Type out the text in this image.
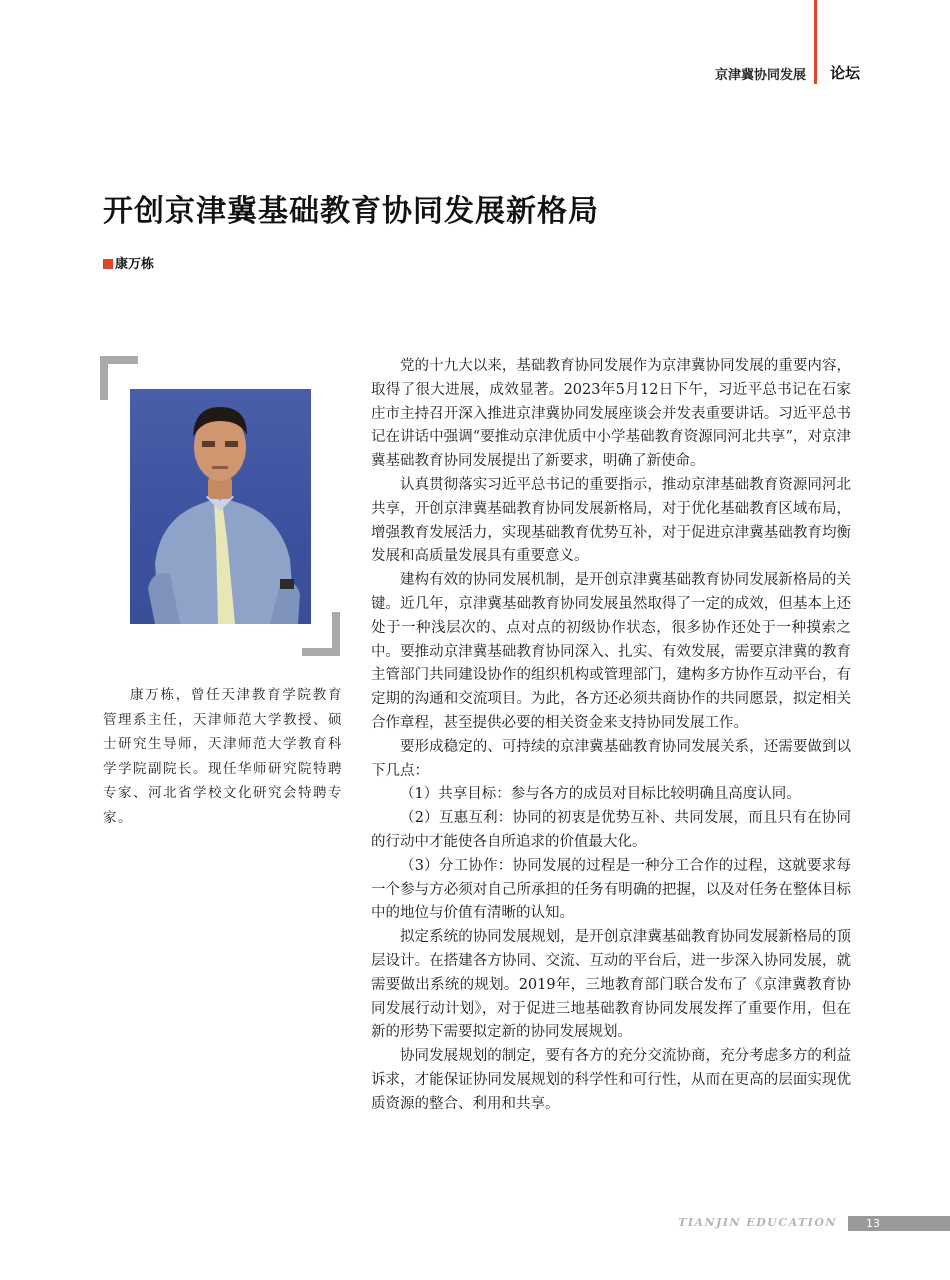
京津冀协同发展 论坛
开创京津冀基础教育协同发展新格局
康万栋

康万栋，曾任天津教育学院教育管理系主任，天津师范大学教授、硕士研究生导师，天津师范大学教育科学学院副院长。现任华师研究院特聘专家、河北省学校文化研究会特聘专家。

党的十九大以来，基础教育协同发展作为京津冀协同发展的重要内容，取得了很大进展，成效显著。2023年5月12日下午，习近平总书记在石家庄市主持召开深入推进京津冀协同发展座谈会并发表重要讲话。习近平总书记在讲话中强调“要推动京津优质中小学基础教育资源同河北共享”，对京津冀基础教育协同发展提出了新要求，明确了新使命。

认真贯彻落实习近平总书记的重要指示，推动京津基础教育资源同河北共享，开创京津冀基础教育协同发展新格局，对于优化基础教育区域布局，增强教育发展活力，实现基础教育优势互补，对于促进京津冀基础教育均衡发展和高质量发展具有重要意义。

建构有效的协同发展机制，是开创京津冀基础教育协同发展新格局的关键。近几年，京津冀基础教育协同发展虽然取得了一定的成效，但基本上还处于一种浅层次的、点对点的初级协作状态，很多协作还处于一种摸索之中。要推动京津冀基础教育协同深入、扎实、有效发展，需要京津冀的教育主管部门共同建设协作的组织机构或管理部门，建构多方协作互动平台，有定期的沟通和交流项目。为此，各方还必须共商协作的共同愿景，拟定相关合作章程，甚至提供必要的相关资金来支持协同发展工作。

要形成稳定的、可持续的京津冀基础教育协同发展关系，还需要做到以下几点：

（1）共享目标：参与各方的成员对目标比较明确且高度认同。

（2）互惠互利：协同的初衷是优势互补、共同发展，而且只有在协同的行动中才能使各自所追求的价值最大化。

（3）分工协作：协同发展的过程是一种分工合作的过程，这就要求每一个参与方必须对自己所承担的任务有明确的把握，以及对任务在整体目标中的地位与价值有清晰的认知。

拟定系统的协同发展规划，是开创京津冀基础教育协同发展新格局的顶层设计。在搭建各方协同、交流、互动的平台后，进一步深入协同发展，就需要做出系统的规划。2019年，三地教育部门联合发布了《京津冀教育协同发展行动计划》，对于促进三地基础教育协同发展发挥了重要作用，但在新的形势下需要拟定新的协同发展规划。

协同发展规划的制定，要有各方的充分交流协商，充分考虑多方的利益诉求，才能保证协同发展规划的科学性和可行性，从而在更高的层面实现优质资源的整合、利用和共享。

TIANJIN EDUCATION	13
